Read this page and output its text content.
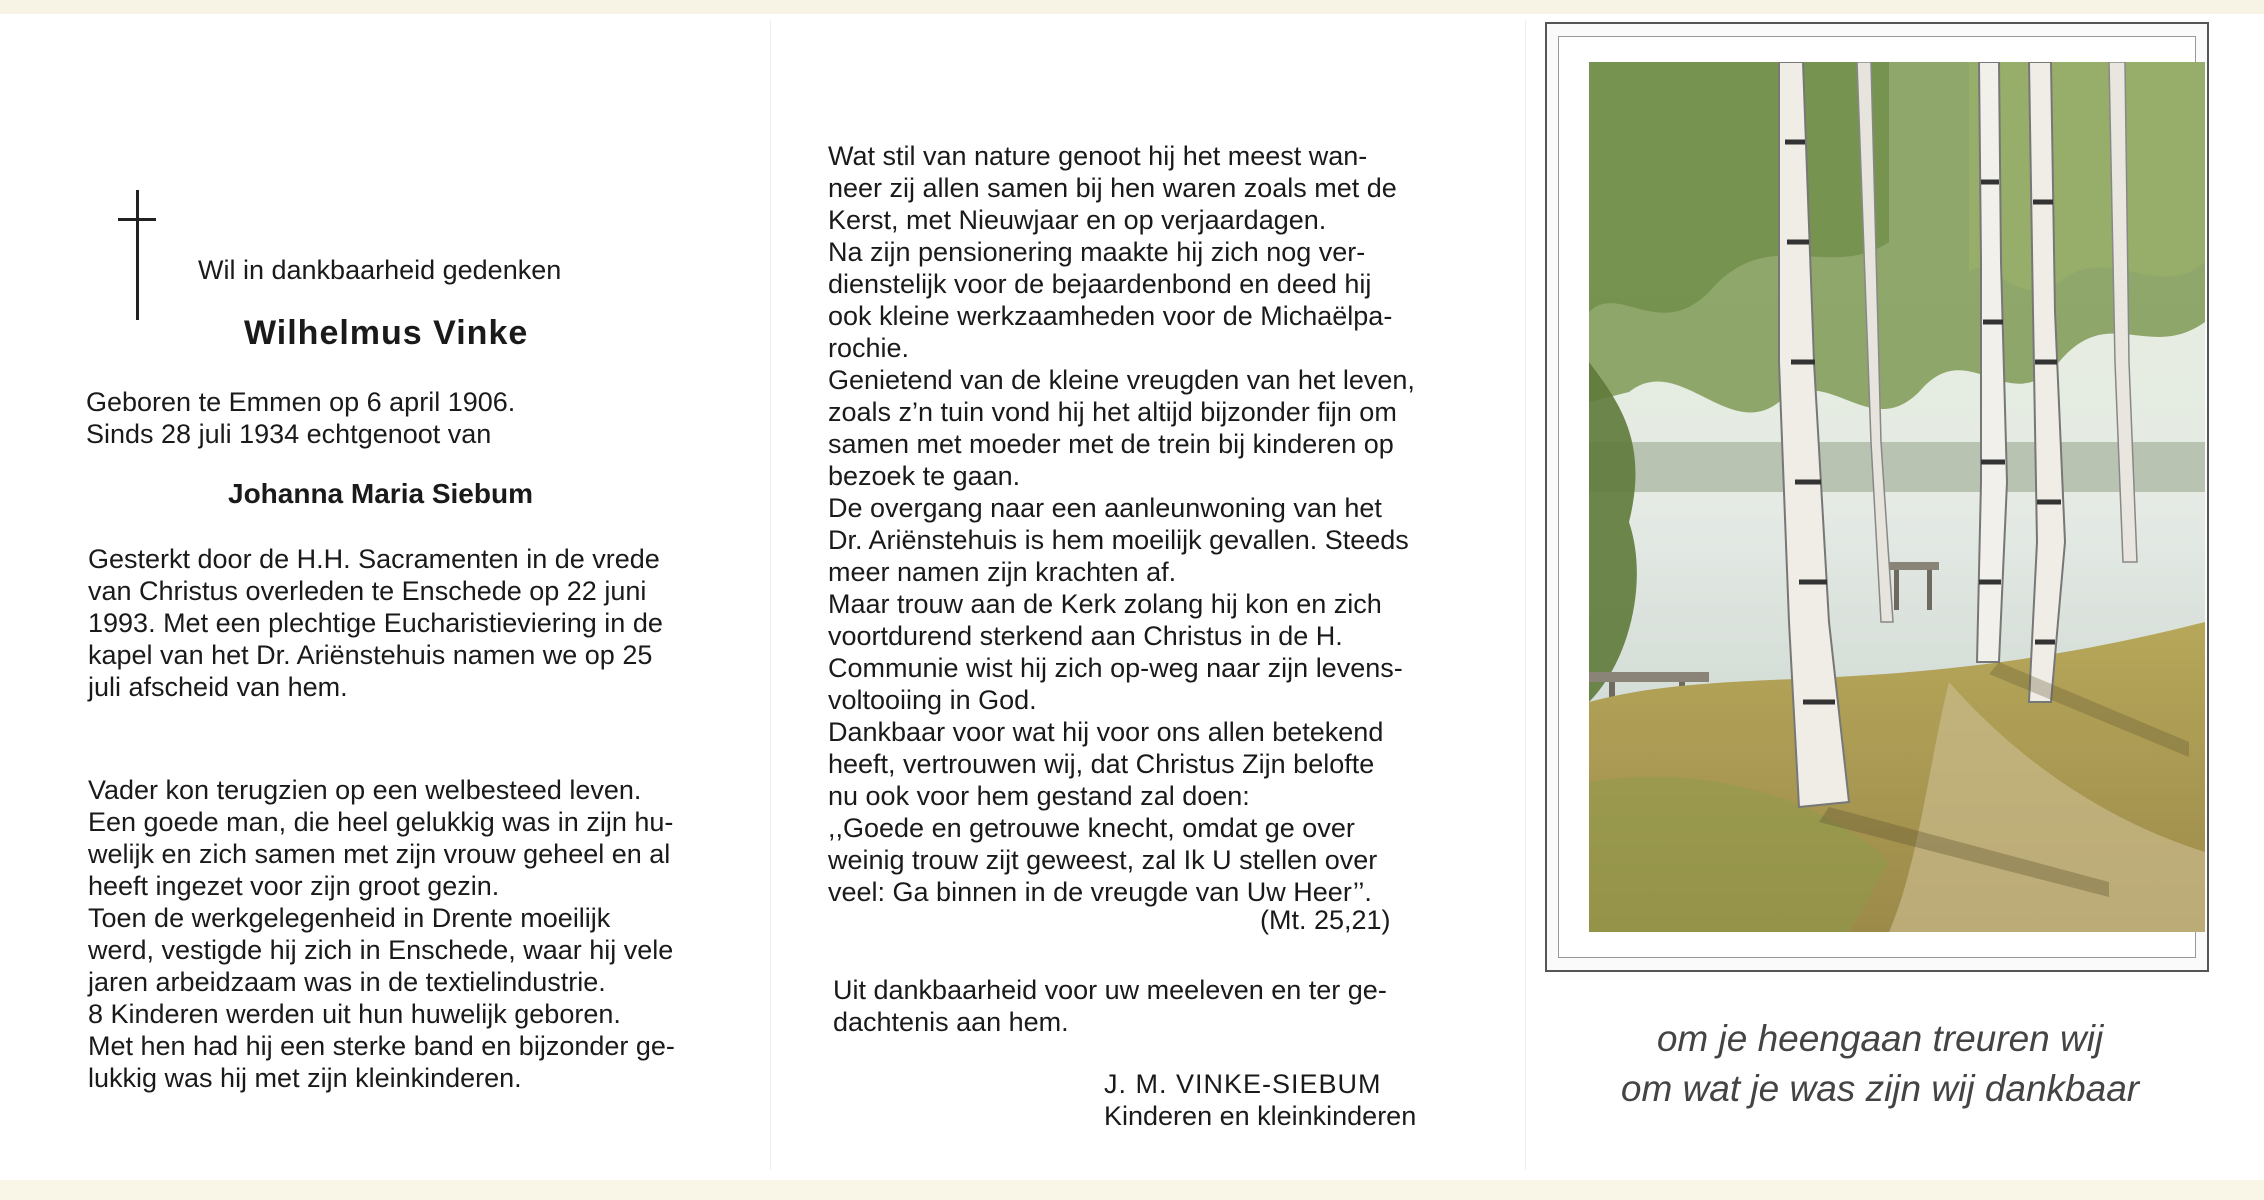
Wil in dankbaarheid gedenken
Wilhelmus Vinke
Geboren te Emmen op 6 april 1906.
Sinds 28 juli 1934 echtgenoot van
Johanna Maria Siebum
Gesterkt door de H.H. Sacramenten in de vrede
van Christus overleden te Enschede op 22 juni
1993. Met een plechtige Eucharistieviering in de
kapel van het Dr. Ariënstehuis namen we op 25
juli afscheid van hem.
Vader kon terugzien op een welbesteed leven.
Een goede man, die heel gelukkig was in zijn hu-
welijk en zich samen met zijn vrouw geheel en al
heeft ingezet voor zijn groot gezin.
Toen de werkgelegenheid in Drente moeilijk
werd, vestigde hij zich in Enschede, waar hij vele
jaren arbeidzaam was in de textielindustrie.
8 Kinderen werden uit hun huwelijk geboren.
Met hen had hij een sterke band en bijzonder ge-
lukkig was hij met zijn kleinkinderen.
Wat stil van nature genoot hij het meest wan-
neer zij allen samen bij hen waren zoals met de
Kerst, met Nieuwjaar en op verjaardagen.
Na zijn pensionering maakte hij zich nog ver-
dienstelijk voor de bejaardenbond en deed hij
ook kleine werkzaamheden voor de Michaëlpa-
rochie.
Genietend van de kleine vreugden van het leven,
zoals z’n tuin vond hij het altijd bijzonder fijn om
samen met moeder met de trein bij kinderen op
bezoek te gaan.
De overgang naar een aanleunwoning van het
Dr. Ariënstehuis is hem moeilijk gevallen. Steeds
meer namen zijn krachten af.
Maar trouw aan de Kerk zolang hij kon en zich
voortdurend sterkend aan Christus in de H.
Communie wist hij zich op-weg naar zijn levens-
voltooiing in God.
Dankbaar voor wat hij voor ons allen betekend
heeft, vertrouwen wij, dat Christus Zijn belofte
nu ook voor hem gestand zal doen:
,,Goede en getrouwe knecht, omdat ge over
weinig trouw zijt geweest, zal Ik U stellen over
veel: Ga binnen in de vreugde van Uw Heer’’.
(Mt. 25,21)
Uit dankbaarheid voor uw meeleven en ter ge-
dachtenis aan hem.
J. M. VINKE-SIEBUM
Kinderen en kleinkinderen
om je heengaan treuren wij
om wat je was zijn wij dankbaar
